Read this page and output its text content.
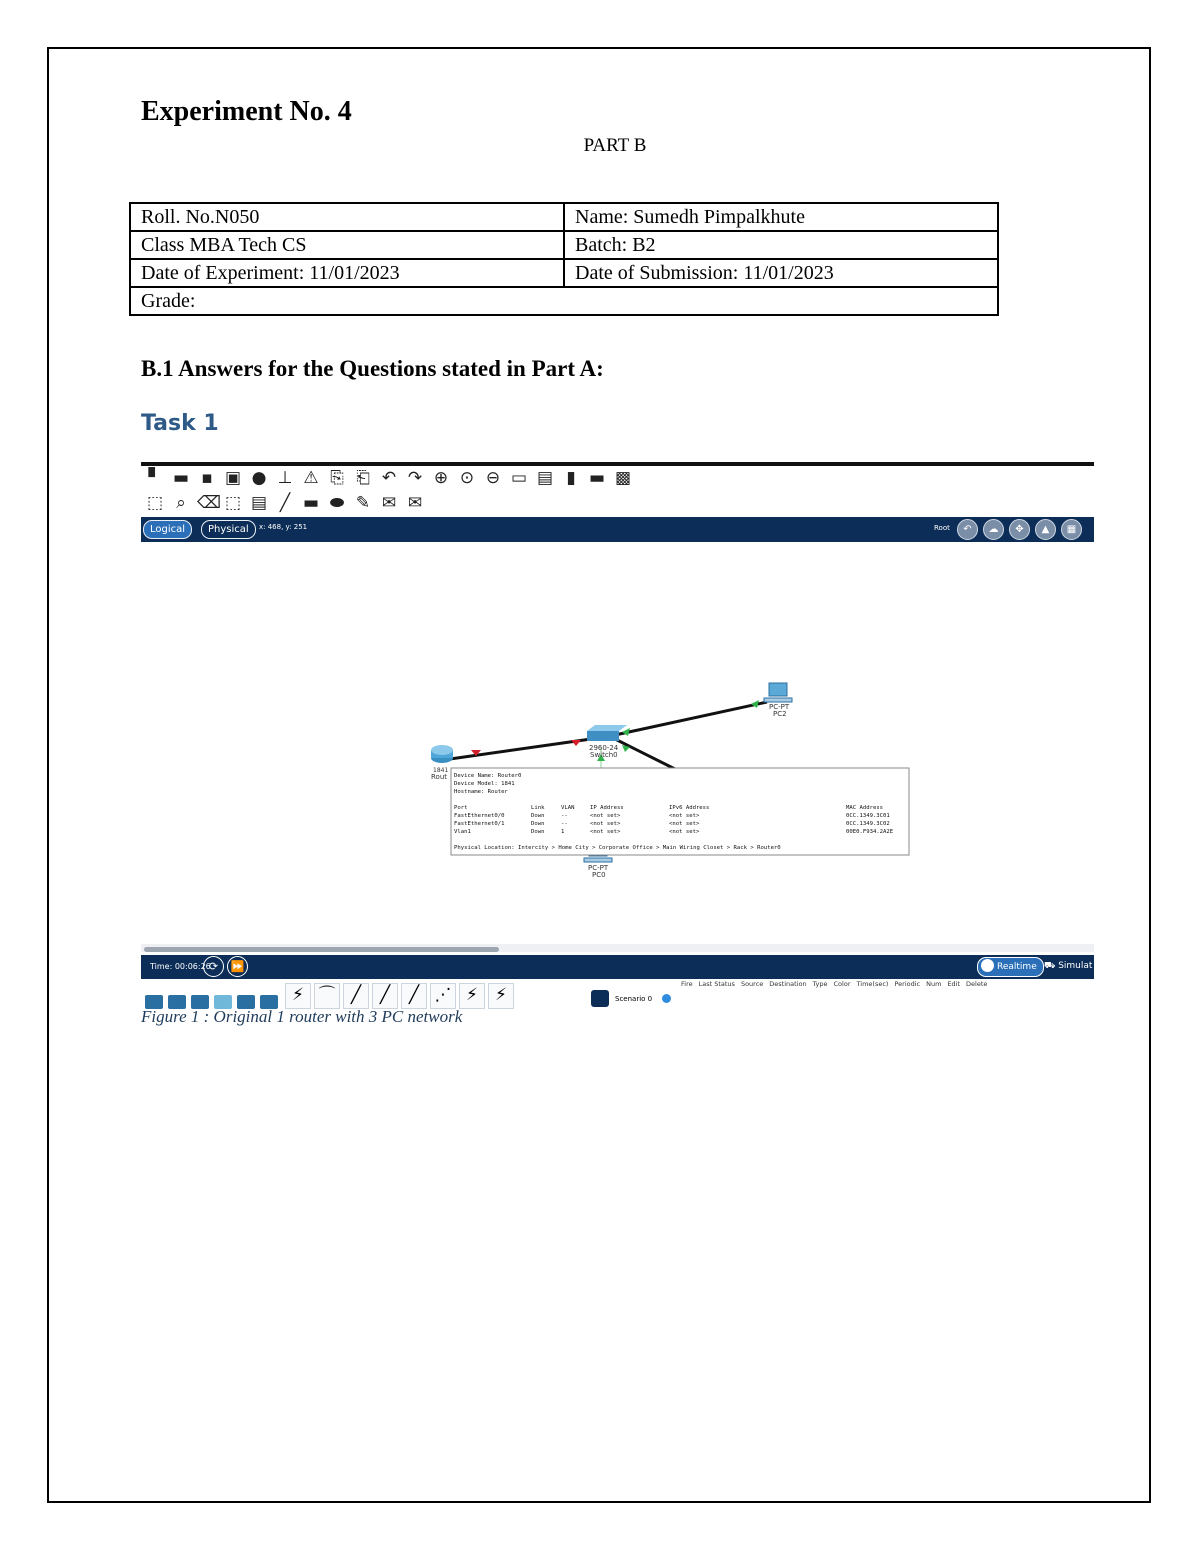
Experiment No. 4
PART B
Roll. No.N050	Name: Sumedh Pimpalkhute
Class MBA Tech CS	Batch: B2
Date of Experiment: 11/01/2023	Date of Submission: 11/01/2023
Grade:	
B.1 Answers for the Questions stated in Part A:
Task 1
▘ ▬ ▪ ▣ ● ⊥ ⚠ ⎘ ⎗ ↶ ↷ ⊕ ⊙ ⊖ ▭ ▤ ▮ ▬ ▩
⬚ ⌕ ⌫ ⬚ ▤ ╱ ▬ ⬬ ✎ ✉ ✉
Logical	Physical	x: 468, y: 251	Root	↶	☁	✥	▲	▦
1841
Rout
2960-24
Switch0
PC-PT
PC2
PC-PT
PC0
Device Name: Router0
Device Model: 1841
Hostname: Router
Port	Link	VLAN	IP Address	IPv6 Address	MAC Address
FastEthernet0/0	Down	--	<not set>	<not set>	0CC.1349.3C01
FastEthernet0/1	Down	--	<not set>	<not set>	0CC.1349.3C02
Vlan1	Down	1	<not set>	<not set>	00E0.F934.2A2E
Physical Location: Intercity > Home City > Corporate Office > Main Wiring Closet > Rack > Router0
Time: 00:06:26
⟳	⏩	Realtime ⛟ Simulat
⚡ ⌒ ╱	╱	╱ ⋰ ⚡	⚡	Scenario 0
Fire Last Status Source Destination Type Color Time(sec) Periodic Num Edit Delete
Figure 1 : Original 1 router with 3 PC network
